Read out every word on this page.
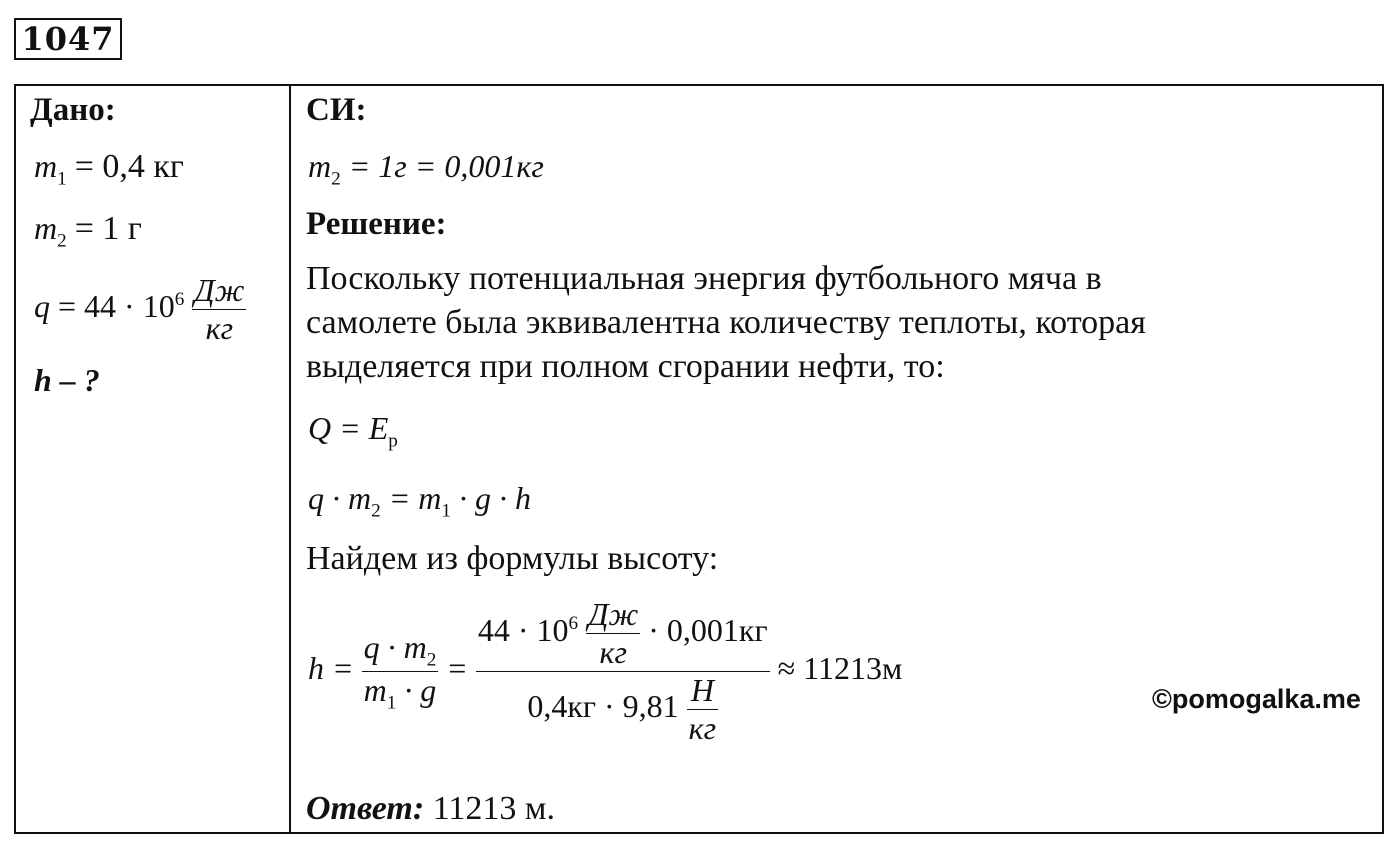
1047
Дано:
$m_1 = 0,4$ кг
$m_2 = 1$ г
$q = 44 \cdot 10^6 \frac{Дж}{кг}$
h – ?
СИ:
$m_2 = 1г = 0,001кг$
Решение:
Поскольку потенциальная энергия футбольного мяча в
самолете была эквивалентна количеству теплоты, которая
выделяется при полном сгорании нефти, то:
$Q = E_p$
$q \cdot m_2 = m_1 \cdot g \cdot h$
Найдем из формулы высоту:
$h = \frac{q \cdot m_2}{m_1 \cdot g}$ =
$44 \cdot 10^6 \frac{Дж}{кг} \cdot 0,001кг$
$0,4кг \cdot 9,81 \frac{Н}{кг}$
≈ 11213м
©pomogalka.me
Ответ: 11213 м.
